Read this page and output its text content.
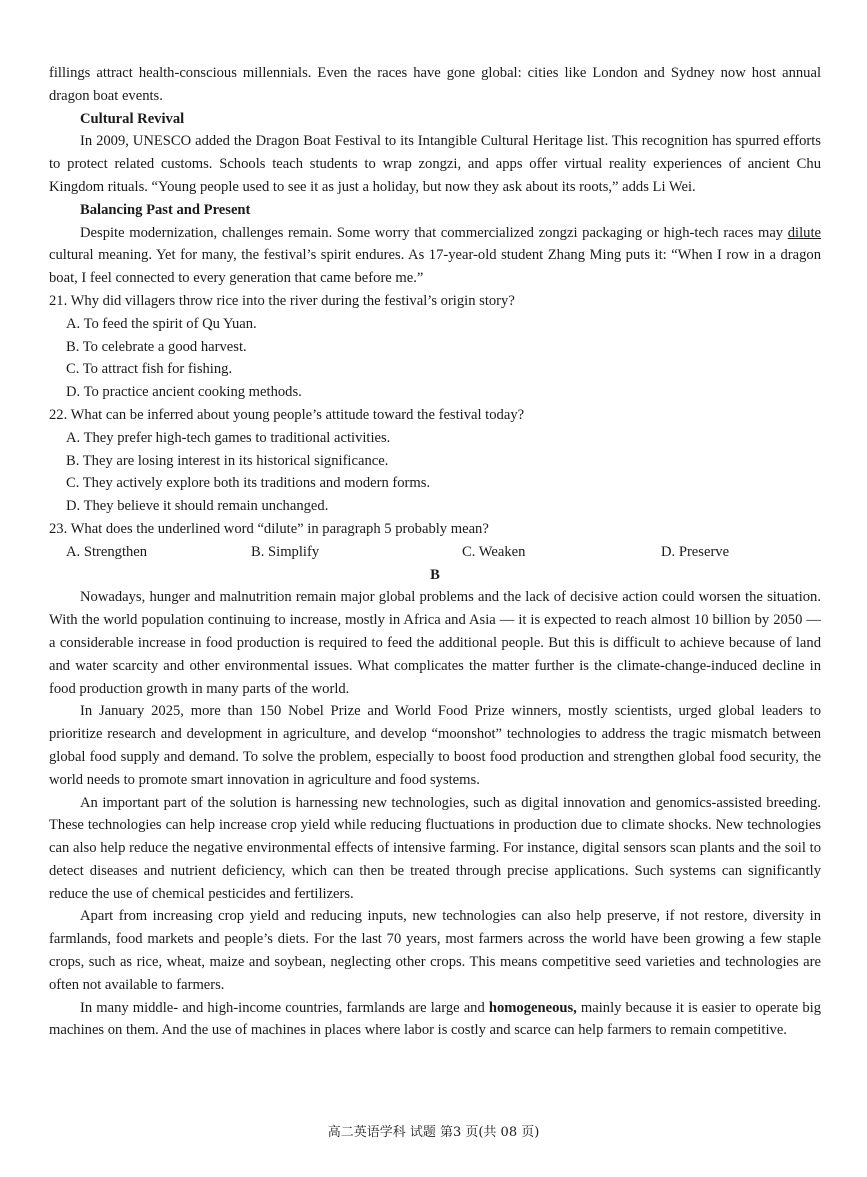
fillings attract health-conscious millennials. Even the races have gone global: cities like London and Sydney now host annual dragon boat events.

Cultural Revival

In 2009, UNESCO added the Dragon Boat Festival to its Intangible Cultural Heritage list. This recognition has spurred efforts to protect related customs. Schools teach students to wrap zongzi, and apps offer virtual reality experiences of ancient Chu Kingdom rituals. “Young people used to see it as just a holiday, but now they ask about its roots,” adds Li Wei.

Balancing Past and Present

Despite modernization, challenges remain. Some worry that commercialized zongzi packaging or high-tech races may dilute cultural meaning. Yet for many, the festival’s spirit endures. As 17-year-old student Zhang Ming puts it: “When I row in a dragon boat, I feel connected to every generation that came before me.”

21. Why did villagers throw rice into the river during the festival’s origin story?

A. To feed the spirit of Qu Yuan.

B. To celebrate a good harvest.

C. To attract fish for fishing.

D. To practice ancient cooking methods.

22. What can be inferred about young people’s attitude toward the festival today?

A. They prefer high-tech games to traditional activities.

B. They are losing interest in its historical significance.

C. They actively explore both its traditions and modern forms.

D. They believe it should remain unchanged.

23. What does the underlined word “dilute” in paragraph 5 probably mean?

A. Strengthen	B. Simplify	C. Weaken	D. Preserve

B

Nowadays, hunger and malnutrition remain major global problems and the lack of decisive action could worsen the situation. With the world population continuing to increase, mostly in Africa and Asia — it is expected to reach almost 10 billion by 2050 — a considerable increase in food production is required to feed the additional people. But this is difficult to achieve because of land and water scarcity and other environmental issues. What complicates the matter further is the climate-change-induced decline in food production growth in many parts of the world.

In January 2025, more than 150 Nobel Prize and World Food Prize winners, mostly scientists, urged global leaders to prioritize research and development in agriculture, and develop “moonshot” technologies to address the tragic mismatch between global food supply and demand. To solve the problem, especially to boost food production and strengthen global food security, the world needs to promote smart innovation in agriculture and food systems.

An important part of the solution is harnessing new technologies, such as digital innovation and genomics-assisted breeding. These technologies can help increase crop yield while reducing fluctuations in production due to climate shocks. New technologies can also help reduce the negative environmental effects of intensive farming. For instance, digital sensors scan plants and the soil to detect diseases and nutrient deficiency, which can then be treated through precise applications. Such systems can significantly reduce the use of chemical pesticides and fertilizers.

Apart from increasing crop yield and reducing inputs, new technologies can also help preserve, if not restore, diversity in farmlands, food markets and people’s diets. For the last 70 years, most farmers across the world have been growing a few staple crops, such as rice, wheat, maize and soybean, neglecting other crops. This means competitive seed varieties and technologies are often not available to farmers.

In many middle- and high-income countries, farmlands are large and homogeneous, mainly because it is easier to operate big machines on them. And the use of machines in places where labor is costly and scarce can help farmers to remain competitive.

高二英语学科 试题 第3 页(共 08 页)
